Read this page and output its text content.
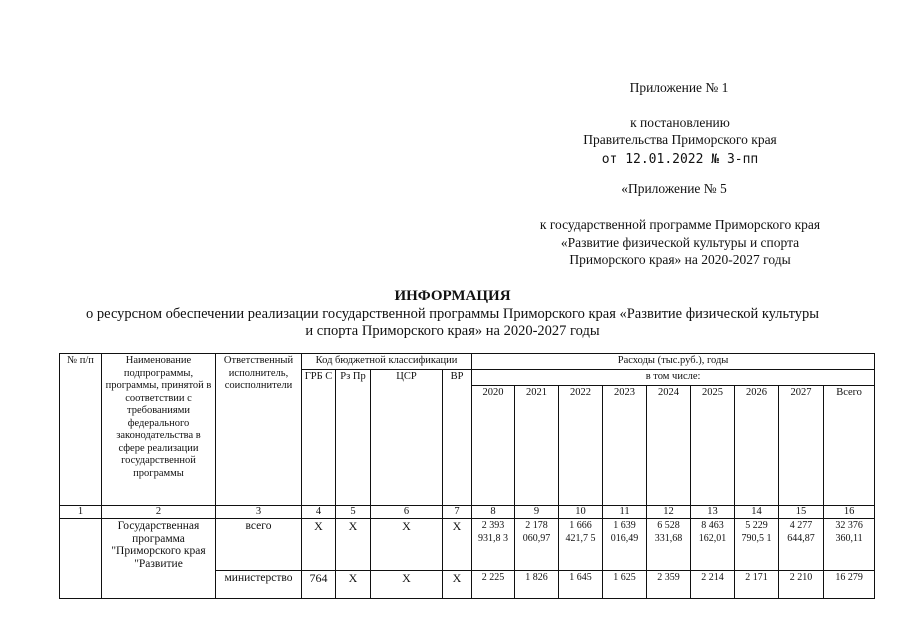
Приложение № 1
к постановлению
Правительства Приморского края
от 12.01.2022 № 3-пп
«Приложение № 5
к государственной программе Приморского края
«Развитие физической культуры и спорта
Приморского края» на 2020-2027 годы
ИНФОРМАЦИЯ
о ресурсном обеспечении реализации государственной программы Приморского края «Развитие физической культуры
и спорта Приморского края» на 2020-2027 годы
№ п/п	Наименование подпрограммы, программы, принятой в соответствии с требованиями федерального законодательства в сфере реализации государственной программы	Ответственный исполнитель, соисполнители	Код бюджетной классификации				Расходы (тыс.руб.), годы								
			ГРБ С	Рз Пр	ЦСР	ВР	в том числе:								
							2020	2021	2022	2023	2024	2025	2026	2027	Всего
1	2	3	4	5	6	7	8	9	10	11	12	13	14	15	16
	Государственная программа "Приморского края "Развитие	всего	X	X	X	X	2 393 931,8 3	2 178 060,97	1 666 421,7 5	1 639 016,49	6 528 331,68	8 463 162,01	5 229 790,5 1	4 277 644,87	32 376 360,11
		министерство	764	X	X	X	2 225	1 826	1 645	1 625	2 359	2 214	2 171	2 210	16 279
